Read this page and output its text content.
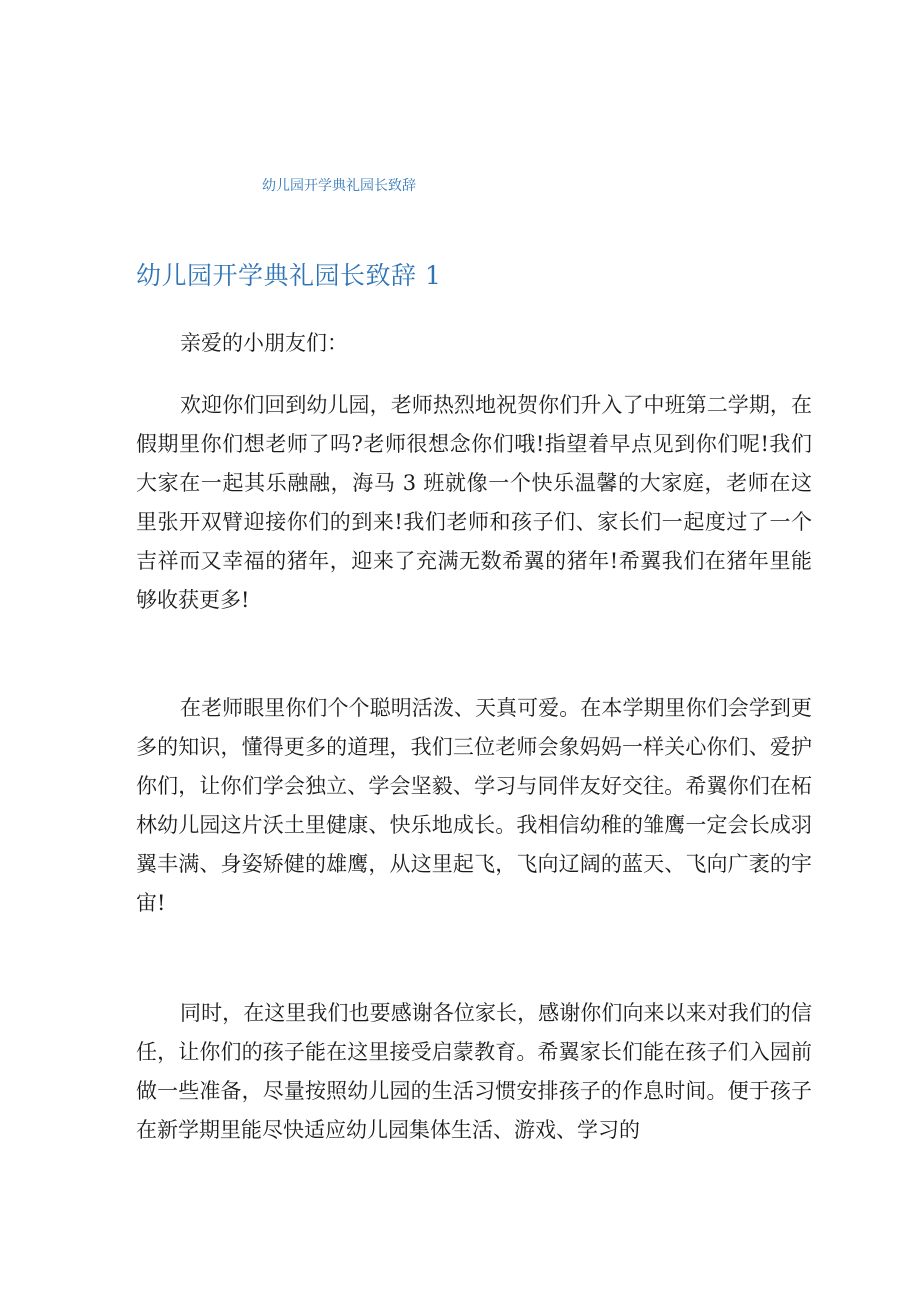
幼儿园开学典礼园长致辞
幼儿园开学典礼园长致辞 1
亲爱的小朋友们：

欢迎你们回到幼儿园，老师热烈地祝贺你们升入了中班第二学期，在假期里你们想老师了吗?老师很想念你们哦!指望着早点见到你们呢!我们大家在一起其乐融融，海马 3 班就像一个快乐温馨的大家庭，老师在这里张开双臂迎接你们的到来!我们老师和孩子们、家长们一起度过了一个吉祥而又幸福的猪年，迎来了充满无数希翼的猪年!希翼我们在猪年里能够收获更多!

在老师眼里你们个个聪明活泼、天真可爱。在本学期里你们会学到更多的知识，懂得更多的道理，我们三位老师会象妈妈一样关心你们、爱护你们，让你们学会独立、学会坚毅、学习与同伴友好交往。希翼你们在柘林幼儿园这片沃土里健康、快乐地成长。我相信幼稚的雏鹰一定会长成羽翼丰满、身姿矫健的雄鹰，从这里起飞，飞向辽阔的蓝天、飞向广袤的宇宙!

同时，在这里我们也要感谢各位家长，感谢你们向来以来对我们的信任，让你们的孩子能在这里接受启蒙教育。希翼家长们能在孩子们入园前做一些准备，尽量按照幼儿园的生活习惯安排孩子的作息时间。便于孩子在新学期里能尽快适应幼儿园集体生活、游戏、学习的
